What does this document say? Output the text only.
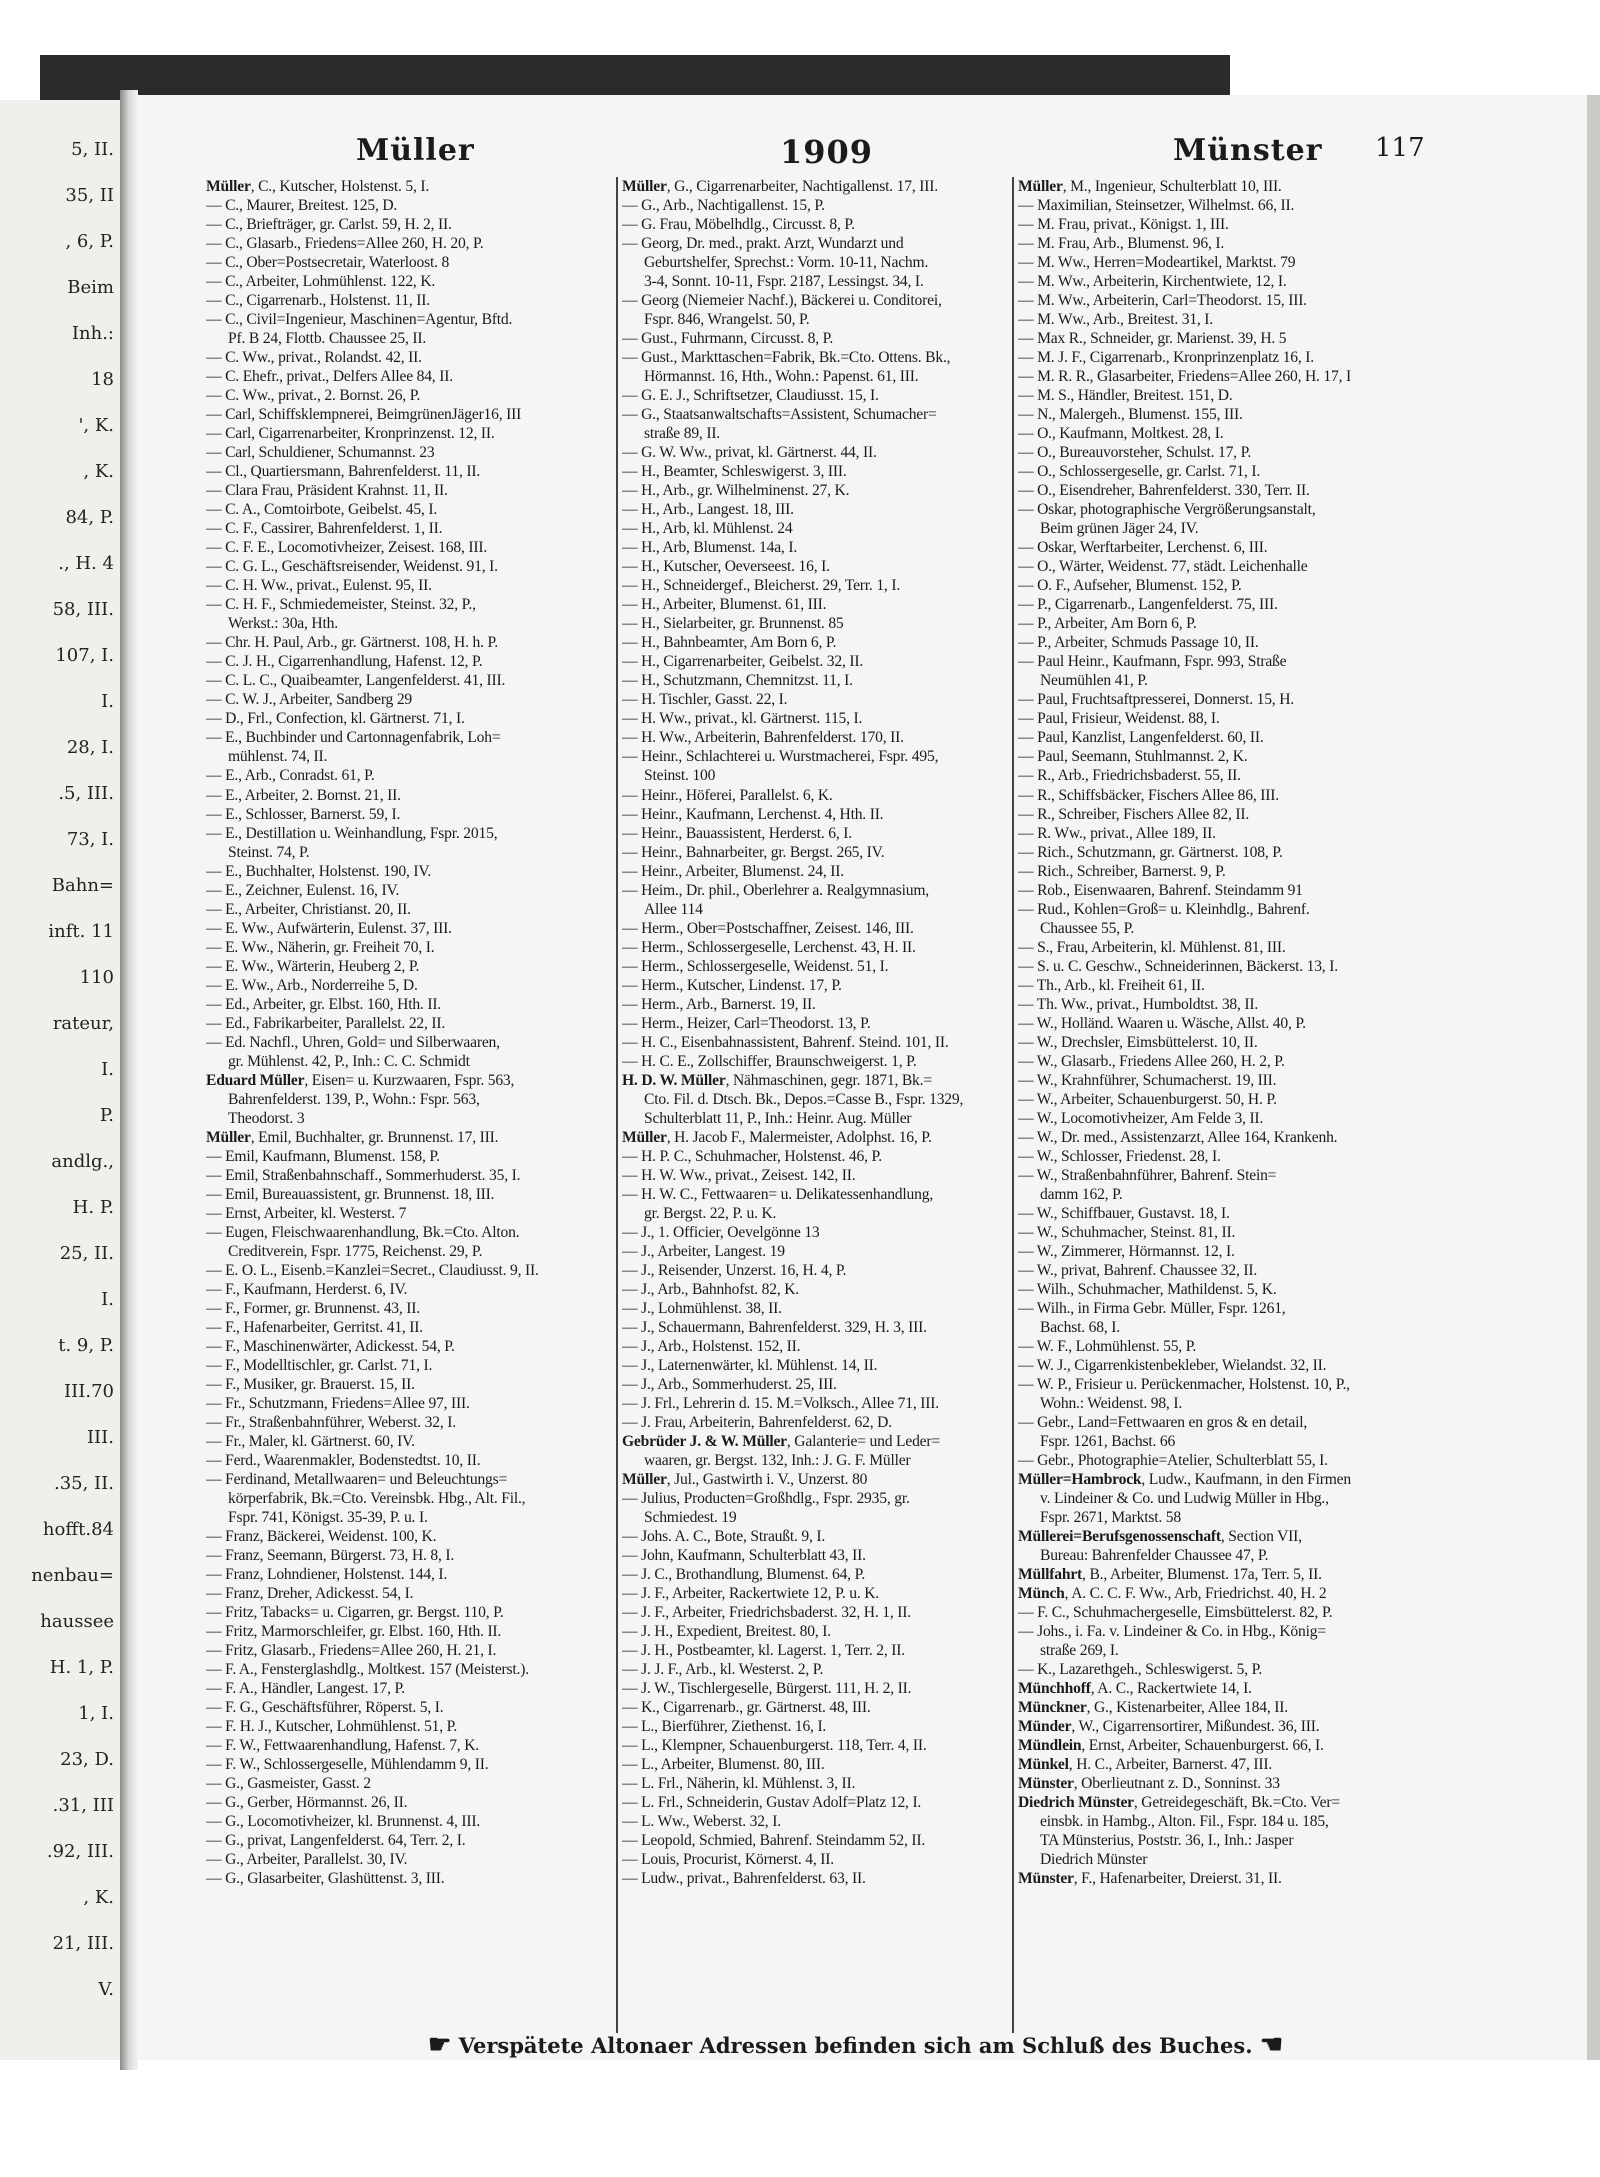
5, II.
35, II
, 6, P.
Beim
Inh.:
18
', K.
, K.
84, P.
., H. 4
58, III.
107, I.
I.
28, I.
.5, III.
73, I.
Bahn=
inft. 11
110
rateur,
I.
P.
andlg.,
H. P.
25, II.
I.
t. 9, P.
III.70
III.
.35, II.
hofft.84
nenbau=
haussee
H. 1, P.
1, I.
23, D.
.31, III
.92, III.
, K.
21, III.
V.
Müller	1909	Münster 117
Müller, C., Kutscher, Holstenst. 5, I.
— C., Maurer, Breitest. 125, D.
— C., Briefträger, gr. Carlst. 59, H. 2, II.
— C., Glasarb., Friedens=Allee 260, H. 20, P.
— C., Ober=Postsecretair, Waterloost. 8
— C., Arbeiter, Lohmühlenst. 122, K.
— C., Cigarrenarb., Holstenst. 11, II.
— C., Civil=Ingenieur, Maschinen=Agentur, Bftd.
Pf. B 24, Flottb. Chaussee 25, II.
— C. Ww., privat., Rolandst. 42, II.
— C. Ehefr., privat., Delfers Allee 84, II.
— C. Ww., privat., 2. Bornst. 26, P.
— Carl, Schiffsklempnerei, BeimgrünenJäger16, III
— Carl, Cigarrenarbeiter, Kronprinzenst. 12, II.
— Carl, Schuldiener, Schumannst. 23
— Cl., Quartiersmann, Bahrenfelderst. 11, II.
— Clara Frau, Präsident Krahnst. 11, II.
— C. A., Comtoirbote, Geibelst. 45, I.
— C. F., Cassirer, Bahrenfelderst. 1, II.
— C. F. E., Locomotivheizer, Zeisest. 168, III.
— C. G. L., Geschäftsreisender, Weidenst. 91, I.
— C. H. Ww., privat., Eulenst. 95, II.
— C. H. F., Schmiedemeister, Steinst. 32, P.,
Werkst.: 30a, Hth.
— Chr. H. Paul, Arb., gr. Gärtnerst. 108, H. h. P.
— C. J. H., Cigarrenhandlung, Hafenst. 12, P.
— C. L. C., Quaibeamter, Langenfelderst. 41, III.
— C. W. J., Arbeiter, Sandberg 29
— D., Frl., Confection, kl. Gärtnerst. 71, I.
— E., Buchbinder und Cartonnagenfabrik, Loh=
mühlenst. 74, II.
— E., Arb., Conradst. 61, P.
— E., Arbeiter, 2. Bornst. 21, II.
— E., Schlosser, Barnerst. 59, I.
— E., Destillation u. Weinhandlung, Fspr. 2015,
Steinst. 74, P.
— E., Buchhalter, Holstenst. 190, IV.
— E., Zeichner, Eulenst. 16, IV.
— E., Arbeiter, Christianst. 20, II.
— E. Ww., Aufwärterin, Eulenst. 37, III.
— E. Ww., Näherin, gr. Freiheit 70, I.
— E. Ww., Wärterin, Heuberg 2, P.
— E. Ww., Arb., Norderreihe 5, D.
— Ed., Arbeiter, gr. Elbst. 160, Hth. II.
— Ed., Fabrikarbeiter, Parallelst. 22, II.
— Ed. Nachfl., Uhren, Gold= und Silberwaaren,
gr. Mühlenst. 42, P., Inh.: C. C. Schmidt
Eduard Müller, Eisen= u. Kurzwaaren, Fspr. 563,
Bahrenfelderst. 139, P., Wohn.: Fspr. 563,
Theodorst. 3
Müller, Emil, Buchhalter, gr. Brunnenst. 17, III.
— Emil, Kaufmann, Blumenst. 158, P.
— Emil, Straßenbahnschaff., Sommerhuderst. 35, I.
— Emil, Bureauassistent, gr. Brunnenst. 18, III.
— Ernst, Arbeiter, kl. Westerst. 7
— Eugen, Fleischwaarenhandlung, Bk.=Cto. Alton.
Creditverein, Fspr. 1775, Reichenst. 29, P.
— E. O. L., Eisenb.=Kanzlei=Secret., Claudiusst. 9, II.
— F., Kaufmann, Herderst. 6, IV.
— F., Former, gr. Brunnenst. 43, II.
— F., Hafenarbeiter, Gerritst. 41, II.
— F., Maschinenwärter, Adickesst. 54, P.
— F., Modelltischler, gr. Carlst. 71, I.
— F., Musiker, gr. Brauerst. 15, II.
— Fr., Schutzmann, Friedens=Allee 97, III.
— Fr., Straßenbahnführer, Weberst. 32, I.
— Fr., Maler, kl. Gärtnerst. 60, IV.
— Ferd., Waarenmakler, Bodenstedtst. 10, II.
— Ferdinand, Metallwaaren= und Beleuchtungs=
körperfabrik, Bk.=Cto. Vereinsbk. Hbg., Alt. Fil.,
Fspr. 741, Königst. 35-39, P. u. I.
— Franz, Bäckerei, Weidenst. 100, K.
— Franz, Seemann, Bürgerst. 73, H. 8, I.
— Franz, Lohndiener, Holstenst. 144, I.
— Franz, Dreher, Adickesst. 54, I.
— Fritz, Tabacks= u. Cigarren, gr. Bergst. 110, P.
— Fritz, Marmorschleifer, gr. Elbst. 160, Hth. II.
— Fritz, Glasarb., Friedens=Allee 260, H. 21, I.
— F. A., Fensterglashdlg., Moltkest. 157 (Meisterst.).
— F. A., Händler, Langest. 17, P.
— F. G., Geschäftsführer, Röperst. 5, I.
— F. H. J., Kutscher, Lohmühlenst. 51, P.
— F. W., Fettwaarenhandlung, Hafenst. 7, K.
— F. W., Schlossergeselle, Mühlendamm 9, II.
— G., Gasmeister, Gasst. 2
— G., Gerber, Hörmannst. 26, II.
— G., Locomotivheizer, kl. Brunnenst. 4, III.
— G., privat, Langenfelderst. 64, Terr. 2, I.
— G., Arbeiter, Parallelst. 30, IV.
— G., Glasarbeiter, Glashüttenst. 3, III.
Müller, G., Cigarrenarbeiter, Nachtigallenst. 17, III.
— G., Arb., Nachtigallenst. 15, P.
— G. Frau, Möbelhdlg., Circusst. 8, P.
— Georg, Dr. med., prakt. Arzt, Wundarzt und
Geburtshelfer, Sprechst.: Vorm. 10-11, Nachm.
3-4, Sonnt. 10-11, Fspr. 2187, Lessingst. 34, I.
— Georg (Niemeier Nachf.), Bäckerei u. Conditorei,
Fspr. 846, Wrangelst. 50, P.
— Gust., Fuhrmann, Circusst. 8, P.
— Gust., Markttaschen=Fabrik, Bk.=Cto. Ottens. Bk.,
Hörmannst. 16, Hth., Wohn.: Papenst. 61, III.
— G. E. J., Schriftsetzer, Claudiusst. 15, I.
— G., Staatsanwaltschafts=Assistent, Schumacher=
straße 89, II.
— G. W. Ww., privat, kl. Gärtnerst. 44, II.
— H., Beamter, Schleswigerst. 3, III.
— H., Arb., gr. Wilhelminenst. 27, K.
— H., Arb., Langest. 18, III.
— H., Arb, kl. Mühlenst. 24
— H., Arb, Blumenst. 14a, I.
— H., Kutscher, Oeverseest. 16, I.
— H., Schneidergef., Bleicherst. 29, Terr. 1, I.
— H., Arbeiter, Blumenst. 61, III.
— H., Sielarbeiter, gr. Brunnenst. 85
— H., Bahnbeamter, Am Born 6, P.
— H., Cigarrenarbeiter, Geibelst. 32, II.
— H., Schutzmann, Chemnitzst. 11, I.
— H. Tischler, Gasst. 22, I.
— H. Ww., privat., kl. Gärtnerst. 115, I.
— H. Ww., Arbeiterin, Bahrenfelderst. 170, II.
— Heinr., Schlachterei u. Wurstmacherei, Fspr. 495,
Steinst. 100
— Heinr., Höferei, Parallelst. 6, K.
— Heinr., Kaufmann, Lerchenst. 4, Hth. II.
— Heinr., Bauassistent, Herderst. 6, I.
— Heinr., Bahnarbeiter, gr. Bergst. 265, IV.
— Heinr., Arbeiter, Blumenst. 24, II.
— Heim., Dr. phil., Oberlehrer a. Realgymnasium,
Allee 114
— Herm., Ober=Postschaffner, Zeisest. 146, III.
— Herm., Schlossergeselle, Lerchenst. 43, H. II.
— Herm., Schlossergeselle, Weidenst. 51, I.
— Herm., Kutscher, Lindenst. 17, P.
— Herm., Arb., Barnerst. 19, II.
— Herm., Heizer, Carl=Theodorst. 13, P.
— H. C., Eisenbahnassistent, Bahrenf. Steind. 101, II.
— H. C. E., Zollschiffer, Braunschweigerst. 1, P.
H. D. W. Müller, Nähmaschinen, gegr. 1871, Bk.=
Cto. Fil. d. Dtsch. Bk., Depos.=Casse B., Fspr. 1329,
Schulterblatt 11, P., Inh.: Heinr. Aug. Müller
Müller, H. Jacob F., Malermeister, Adolphst. 16, P.
— H. P. C., Schuhmacher, Holstenst. 46, P.
— H. W. Ww., privat., Zeisest. 142, II.
— H. W. C., Fettwaaren= u. Delikatessenhandlung,
gr. Bergst. 22, P. u. K.
— J., 1. Officier, Oevelgönne 13
— J., Arbeiter, Langest. 19
— J., Reisender, Unzerst. 16, H. 4, P.
— J., Arb., Bahnhofst. 82, K.
— J., Lohmühlenst. 38, II.
— J., Schauermann, Bahrenfelderst. 329, H. 3, III.
— J., Arb., Holstenst. 152, II.
— J., Laternenwärter, kl. Mühlenst. 14, II.
— J., Arb., Sommerhuderst. 25, III.
— J. Frl., Lehrerin d. 15. M.=Volksch., Allee 71, III.
— J. Frau, Arbeiterin, Bahrenfelderst. 62, D.
Gebrüder J. & W. Müller, Galanterie= und Leder=
waaren, gr. Bergst. 132, Inh.: J. G. F. Müller
Müller, Jul., Gastwirth i. V., Unzerst. 80
— Julius, Producten=Großhdlg., Fspr. 2935, gr.
Schmiedest. 19
— Johs. A. C., Bote, Straußt. 9, I.
— John, Kaufmann, Schulterblatt 43, II.
— J. C., Brothandlung, Blumenst. 64, P.
— J. F., Arbeiter, Rackertwiete 12, P. u. K.
— J. F., Arbeiter, Friedrichsbaderst. 32, H. 1, II.
— J. H., Expedient, Breitest. 80, I.
— J. H., Postbeamter, kl. Lagerst. 1, Terr. 2, II.
— J. J. F., Arb., kl. Westerst. 2, P.
— J. W., Tischlergeselle, Bürgerst. 111, H. 2, II.
— K., Cigarrenarb., gr. Gärtnerst. 48, III.
— L., Bierführer, Ziethenst. 16, I.
— L., Klempner, Schauenburgerst. 118, Terr. 4, II.
— L., Arbeiter, Blumenst. 80, III.
— L. Frl., Näherin, kl. Mühlenst. 3, II.
— L. Frl., Schneiderin, Gustav Adolf=Platz 12, I.
— L. Ww., Weberst. 32, I.
— Leopold, Schmied, Bahrenf. Steindamm 52, II.
— Louis, Procurist, Körnerst. 4, II.
— Ludw., privat., Bahrenfelderst. 63, II.
Müller, M., Ingenieur, Schulterblatt 10, III.
— Maximilian, Steinsetzer, Wilhelmst. 66, II.
— M. Frau, privat., Königst. 1, III.
— M. Frau, Arb., Blumenst. 96, I.
— M. Ww., Herren=Modeartikel, Marktst. 79
— M. Ww., Arbeiterin, Kirchentwiete, 12, I.
— M. Ww., Arbeiterin, Carl=Theodorst. 15, III.
— M. Ww., Arb., Breitest. 31, I.
— Max R., Schneider, gr. Marienst. 39, H. 5
— M. J. F., Cigarrenarb., Kronprinzenplatz 16, I.
— M. R. R., Glasarbeiter, Friedens=Allee 260, H. 17, I
— M. S., Händler, Breitest. 151, D.
— N., Malergeh., Blumenst. 155, III.
— O., Kaufmann, Moltkest. 28, I.
— O., Bureauvorsteher, Schulst. 17, P.
— O., Schlossergeselle, gr. Carlst. 71, I.
— O., Eisendreher, Bahrenfelderst. 330, Terr. II.
— Oskar, photographische Vergrößerungsanstalt,
Beim grünen Jäger 24, IV.
— Oskar, Werftarbeiter, Lerchenst. 6, III.
— O., Wärter, Weidenst. 77, städt. Leichenhalle
— O. F., Aufseher, Blumenst. 152, P.
— P., Cigarrenarb., Langenfelderst. 75, III.
— P., Arbeiter, Am Born 6, P.
— P., Arbeiter, Schmuds Passage 10, II.
— Paul Heinr., Kaufmann, Fspr. 993, Straße
Neumühlen 41, P.
— Paul, Fruchtsaftpresserei, Donnerst. 15, H.
— Paul, Frisieur, Weidenst. 88, I.
— Paul, Kanzlist, Langenfelderst. 60, II.
— Paul, Seemann, Stuhlmannst. 2, K.
— R., Arb., Friedrichsbaderst. 55, II.
— R., Schiffsbäcker, Fischers Allee 86, III.
— R., Schreiber, Fischers Allee 82, II.
— R. Ww., privat., Allee 189, II.
— Rich., Schutzmann, gr. Gärtnerst. 108, P.
— Rich., Schreiber, Barnerst. 9, P.
— Rob., Eisenwaaren, Bahrenf. Steindamm 91
— Rud., Kohlen=Groß= u. Kleinhdlg., Bahrenf.
Chaussee 55, P.
— S., Frau, Arbeiterin, kl. Mühlenst. 81, III.
— S. u. C. Geschw., Schneiderinnen, Bäckerst. 13, I.
— Th., Arb., kl. Freiheit 61, II.
— Th. Ww., privat., Humboldtst. 38, II.
— W., Holländ. Waaren u. Wäsche, Allst. 40, P.
— W., Drechsler, Eimsbüttelerst. 10, II.
— W., Glasarb., Friedens Allee 260, H. 2, P.
— W., Krahnführer, Schumacherst. 19, III.
— W., Arbeiter, Schauenburgerst. 50, H. P.
— W., Locomotivheizer, Am Felde 3, II.
— W., Dr. med., Assistenzarzt, Allee 164, Krankenh.
— W., Schlosser, Friedenst. 28, I.
— W., Straßenbahnführer, Bahrenf. Stein=
damm 162, P.
— W., Schiffbauer, Gustavst. 18, I.
— W., Schuhmacher, Steinst. 81, II.
— W., Zimmerer, Hörmannst. 12, I.
— W., privat, Bahrenf. Chaussee 32, II.
— Wilh., Schuhmacher, Mathildenst. 5, K.
— Wilh., in Firma Gebr. Müller, Fspr. 1261,
Bachst. 68, I.
— W. F., Lohmühlenst. 55, P.
— W. J., Cigarrenkistenbekleber, Wielandst. 32, II.
— W. P., Frisieur u. Perückenmacher, Holstenst. 10, P.,
Wohn.: Weidenst. 98, I.
— Gebr., Land=Fettwaaren en gros & en detail,
Fspr. 1261, Bachst. 66
— Gebr., Photographie=Atelier, Schulterblatt 55, I.
Müller=Hambrock, Ludw., Kaufmann, in den Firmen
v. Lindeiner & Co. und Ludwig Müller in Hbg.,
Fspr. 2671, Marktst. 58
Müllerei=Berufsgenossenschaft, Section VII,
Bureau: Bahrenfelder Chaussee 47, P.
Müllfahrt, B., Arbeiter, Blumenst. 17a, Terr. 5, II.
Münch, A. C. C. F. Ww., Arb, Friedrichst. 40, H. 2
— F. C., Schuhmachergeselle, Eimsbüttelerst. 82, P.
— Johs., i. Fa. v. Lindeiner & Co. in Hbg., König=
straße 269, I.
— K., Lazarethgeh., Schleswigerst. 5, P.
Münchhoff, A. C., Rackertwiete 14, I.
Münckner, G., Kistenarbeiter, Allee 184, II.
Münder, W., Cigarrensortirer, Mißundest. 36, III.
Mündlein, Ernst, Arbeiter, Schauenburgerst. 66, I.
Münkel, H. C., Arbeiter, Barnerst. 47, III.
Münster, Oberlieutnant z. D., Sonninst. 33
Diedrich Münster, Getreidegeschäft, Bk.=Cto. Ver=
einsbk. in Hambg., Alton. Fil., Fspr. 184 u. 185,
TA Münsterius, Poststr. 36, I., Inh.: Jasper
Diedrich Münster
Münster, F., Hafenarbeiter, Dreierst. 31, II.
☛ Verspätete Altonaer Adressen befinden sich am Schluß des Buches. ☚
